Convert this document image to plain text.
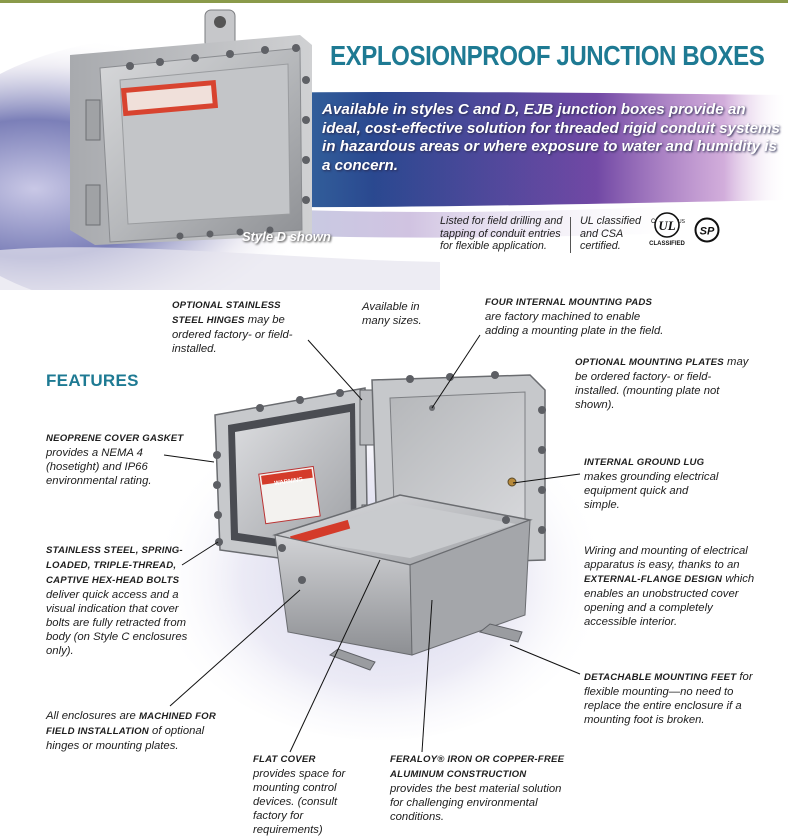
EXPLOSIONPROOF JUNCTION BOXES
Available in styles C and D, EJB junction boxes provide an ideal, cost-effective solution for threaded rigid conduit systems in hazardous areas or where exposure to water and humidity is a concern.
Style D shown
Listed for field drilling and tapping of conduit entries for flexible application.
UL classified and CSA certified.
UL
C	US
CLASSIFIED
SP
WARNING
FEATURES
OPTIONAL STAINLESS STEEL HINGES may be ordered factory- or field-installed.
Available in many sizes.
FOUR INTERNAL MOUNTING PADS are factory machined to enable adding a mounting plate in the field.
OPTIONAL MOUNTING PLATES may be ordered factory- or field-installed. (mounting plate not shown).
NEOPRENE COVER GASKET provides a NEMA 4 (hosetight) and IP66 environmental rating.
INTERNAL GROUND LUG makes grounding electrical equipment quick and simple.
STAINLESS STEEL, SPRING-LOADED, TRIPLE-THREAD, CAPTIVE HEX-HEAD BOLTS deliver quick access and a visual indication that cover bolts are fully retracted from body (on Style C enclosures only).
Wiring and mounting of electrical apparatus is easy, thanks to an EXTERNAL-FLANGE DESIGN which enables an unobstructed cover opening and a completely accessible interior.
DETACHABLE MOUNTING FEET for flexible mounting—no need to replace the entire enclosure if a mounting foot is broken.
All enclosures are MACHINED FOR FIELD INSTALLATION of optional hinges or mounting plates.
FLAT COVER provides space for mounting control devices. (consult factory for requirements)
FERALOY® IRON OR COPPER-FREE ALUMINUM CONSTRUCTION provides the best material solution for challenging environmental conditions.
